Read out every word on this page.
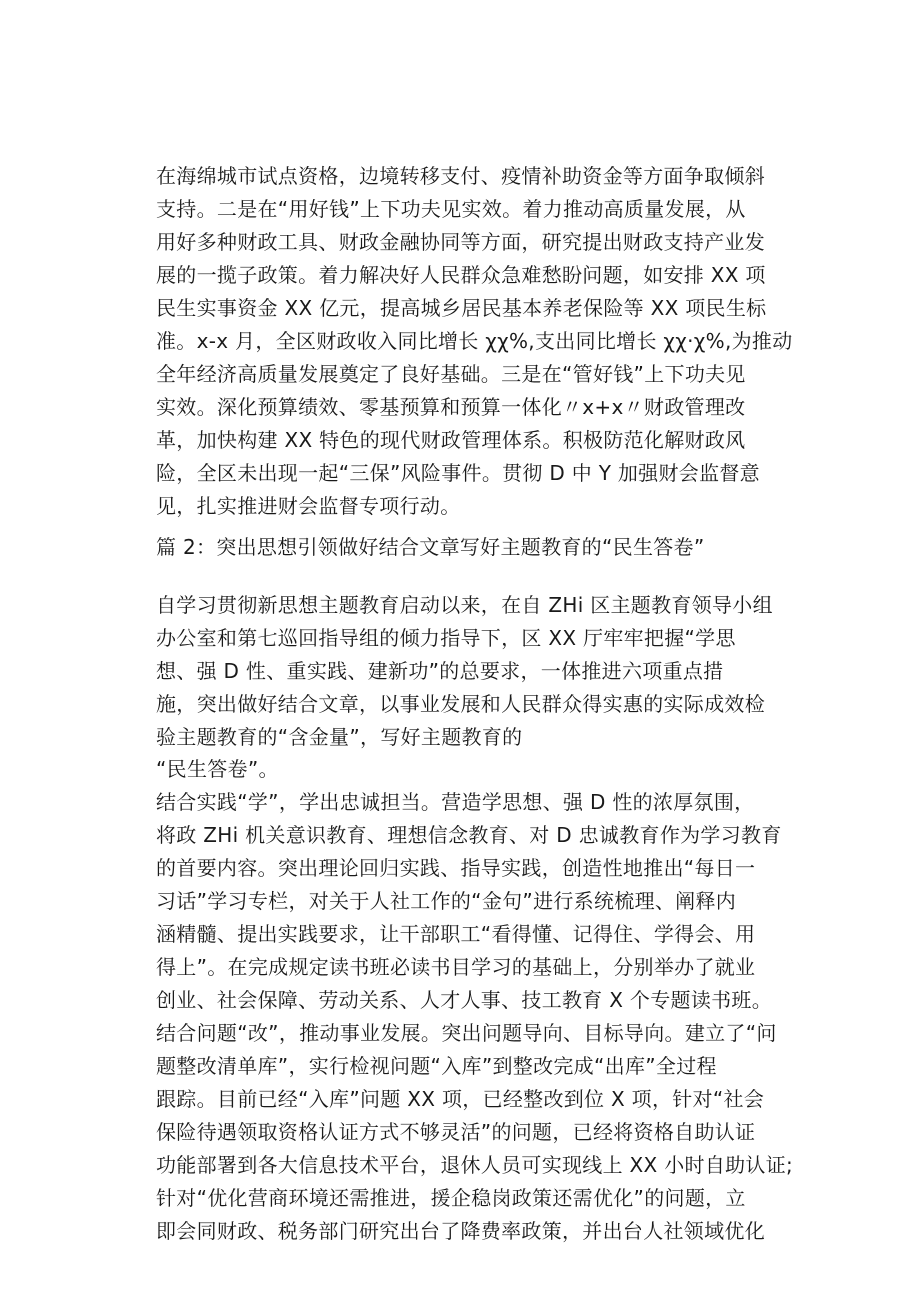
在海绵城市试点资格，边境转移支付、疫情补助资金等方面争取倾斜
支持。二是在“用好钱”上下功夫见实效。着力推动高质量发展，从
用好多种财政工具、财政金融协同等方面，研究提出财政支持产业发
展的一揽子政策。着力解决好人民群众急难愁盼问题，如安排 XX 项
民生实事资金 XX 亿元，提高城乡居民基本养老保险等 XX 项民生标
准。x-x 月，全区财政收入同比增长 χχ%,支出同比增长 χχ·χ%,为推动
全年经济高质量发展奠定了良好基础。三是在“管好钱”上下功夫见
实效。深化预算绩效、零基预算和预算一体化〃x+x〃财政管理改
革，加快构建 XX 特色的现代财政管理体系。积极防范化解财政风
险，全区未出现一起“三保”风险事件。贯彻 D 中 Y 加强财会监督意
见，扎实推进财会监督专项行动。
篇 2：突出思想引领做好结合文章写好主题教育的“民生答卷”
自学习贯彻新思想主题教育启动以来，在自 ZHi 区主题教育领导小组
办公室和第七巡回指导组的倾力指导下，区 XX 厅牢牢把握“学思
想、强 D 性、重实践、建新功”的总要求，一体推进六项重点措
施，突出做好结合文章，以事业发展和人民群众得实惠的实际成效检
验主题教育的“含金量”，写好主题教育的
“民生答卷”。
结合实践“学”，学出忠诚担当。营造学思想、强 D 性的浓厚氛围，
将政 ZHi 机关意识教育、理想信念教育、对 D 忠诚教育作为学习教育
的首要内容。突出理论回归实践、指导实践，创造性地推出“每日一
习话”学习专栏，对关于人社工作的“金句”进行系统梳理、阐释内
涵精髓、提出实践要求，让干部职工“看得懂、记得住、学得会、用
得上”。在完成规定读书班必读书目学习的基础上，分别举办了就业
创业、社会保障、劳动关系、人才人事、技工教育 X 个专题读书班。
结合问题“改”，推动事业发展。突出问题导向、目标导向。建立了“问
题整改清单库”，实行检视问题“入库”到整改完成“出库”全过程
跟踪。目前已经“入库”问题 XX 项，已经整改到位 X 项，针对“社会
保险待遇领取资格认证方式不够灵活”的问题，已经将资格自助认证
功能部署到各大信息技术平台，退休人员可实现线上 XX 小时自助认证;
针对“优化营商环境还需推进，援企稳岗政策还需优化”的问题，立
即会同财政、税务部门研究出台了降费率政策，并出台人社领域优化
